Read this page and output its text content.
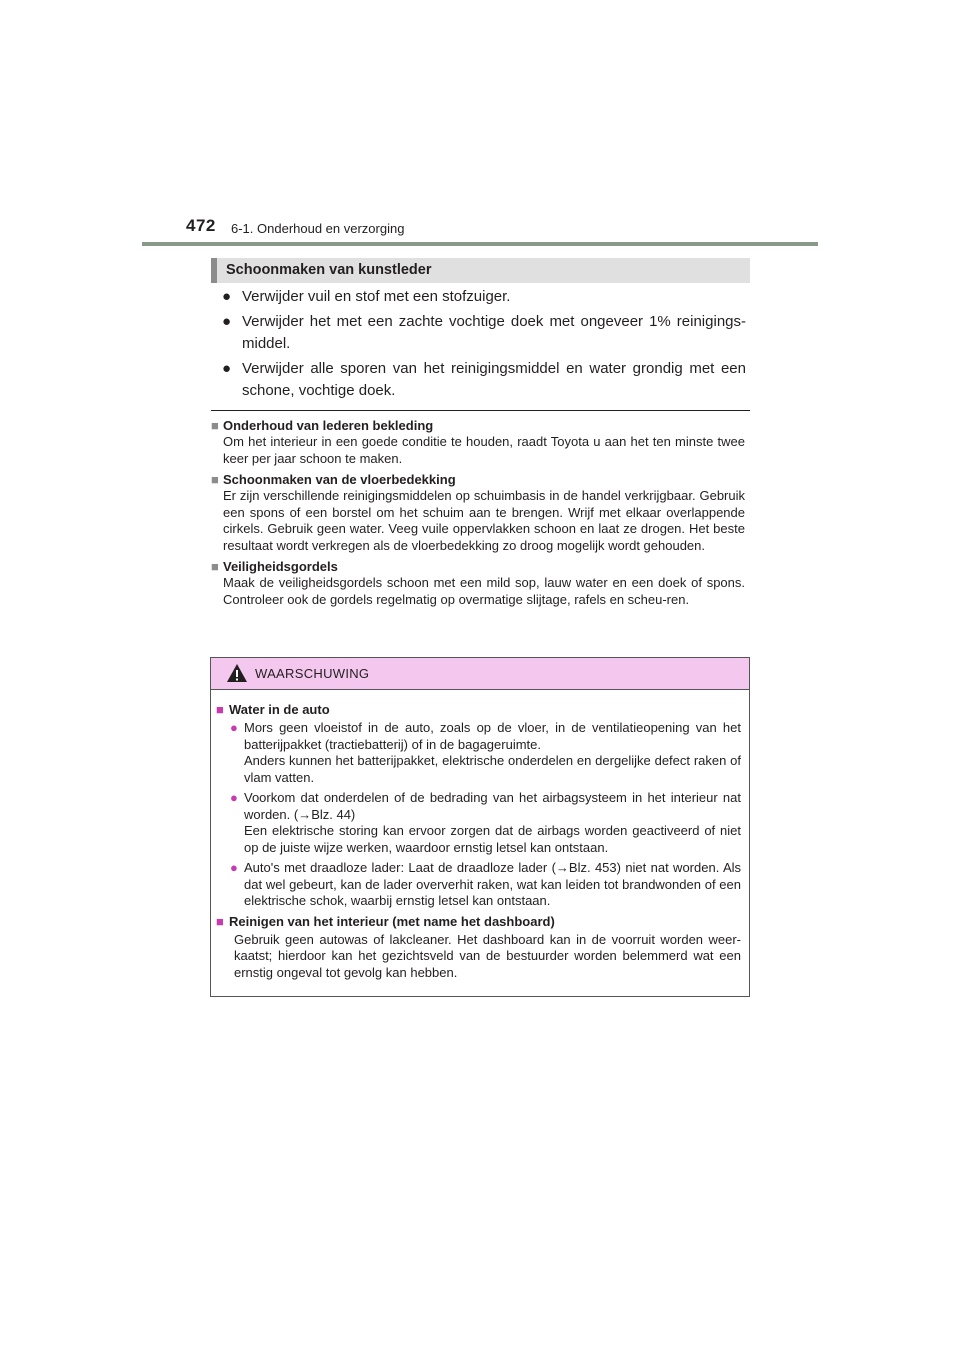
472 6-1. Onderhoud en verzorging
Schoonmaken van kunstleder
● Verwijder vuil en stof met een stofzuiger.
● Verwijder het met een zachte vochtige doek met ongeveer 1% reinigings-middel.
● Verwijder alle sporen van het reinigingsmiddel en water grondig met een schone, vochtige doek.
■ Onderhoud van lederen bekleding
Om het interieur in een goede conditie te houden, raadt Toyota u aan het ten minste twee keer per jaar schoon te maken.
■ Schoonmaken van de vloerbedekking
Er zijn verschillende reinigingsmiddelen op schuimbasis in de handel verkrijgbaar. Gebruik een spons of een borstel om het schuim aan te brengen. Wrijf met elkaar overlappende cirkels. Gebruik geen water. Veeg vuile oppervlakken schoon en laat ze drogen. Het beste resultaat wordt verkregen als de vloerbedekking zo droog mogelijk wordt gehouden.
■ Veiligheidsgordels
Maak de veiligheidsgordels schoon met een mild sop, lauw water en een doek of spons. Controleer ook de gordels regelmatig op overmatige slijtage, rafels en scheu-ren.
WAARSCHUWING
■ Water in de auto
● Mors geen vloeistof in de auto, zoals op de vloer, in de ventilatieopening van het batterijpakket (tractiebatterij) of in de bagageruimte.
Anders kunnen het batterijpakket, elektrische onderdelen en dergelijke defect raken of vlam vatten.
● Voorkom dat onderdelen of de bedrading van het airbagsysteem in het interieur nat worden. (→Blz. 44)
Een elektrische storing kan ervoor zorgen dat de airbags worden geactiveerd of niet op de juiste wijze werken, waardoor ernstig letsel kan ontstaan.
● Auto's met draadloze lader: Laat de draadloze lader (→Blz. 453) niet nat worden. Als dat wel gebeurt, kan de lader oververhit raken, wat kan leiden tot brandwonden of een elektrische schok, waarbij ernstig letsel kan ontstaan.
■ Reinigen van het interieur (met name het dashboard)
Gebruik geen autowas of lakcleaner. Het dashboard kan in de voorruit worden weer-kaatst; hierdoor kan het gezichtsveld van de bestuurder worden belemmerd wat een ernstig ongeval tot gevolg kan hebben.
